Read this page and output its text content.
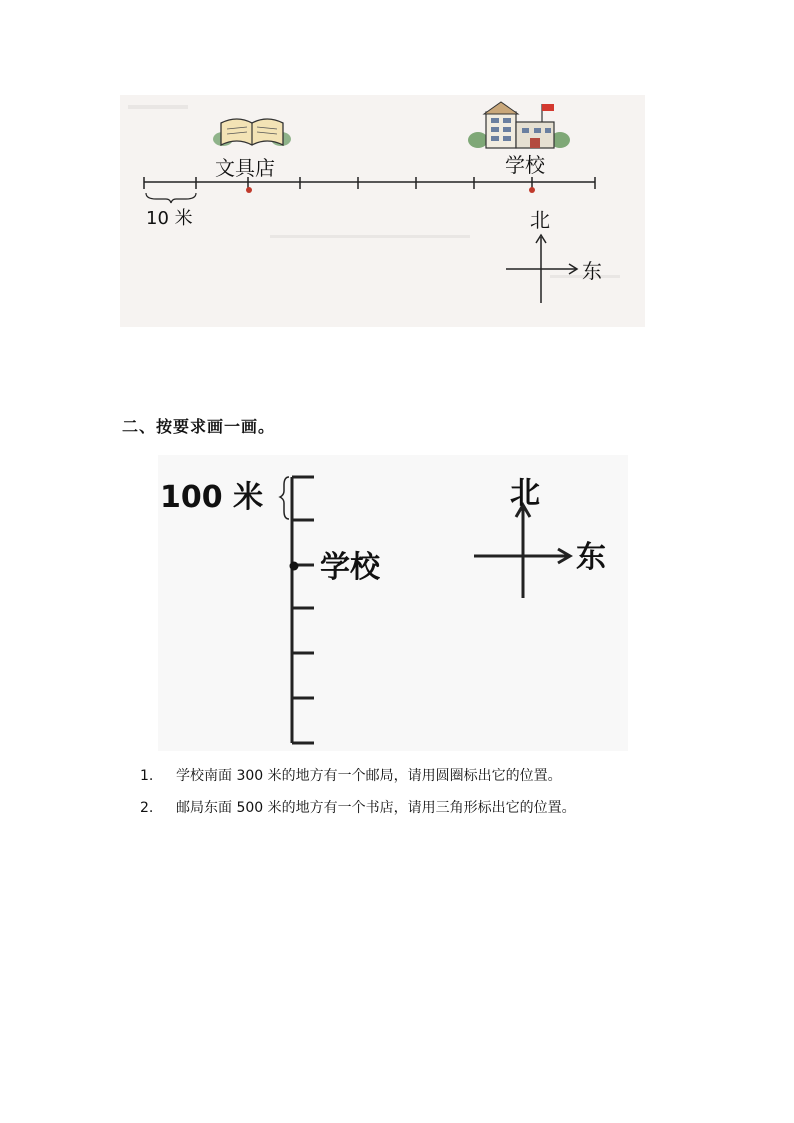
文具店	学校
10 米	北
东
二、按要求画一画。
100 米
学校
北
东
1. 学校南面 300 米的地方有一个邮局，请用圆圈标出它的位置。
2. 邮局东面 500 米的地方有一个书店，请用三角形标出它的位置。
